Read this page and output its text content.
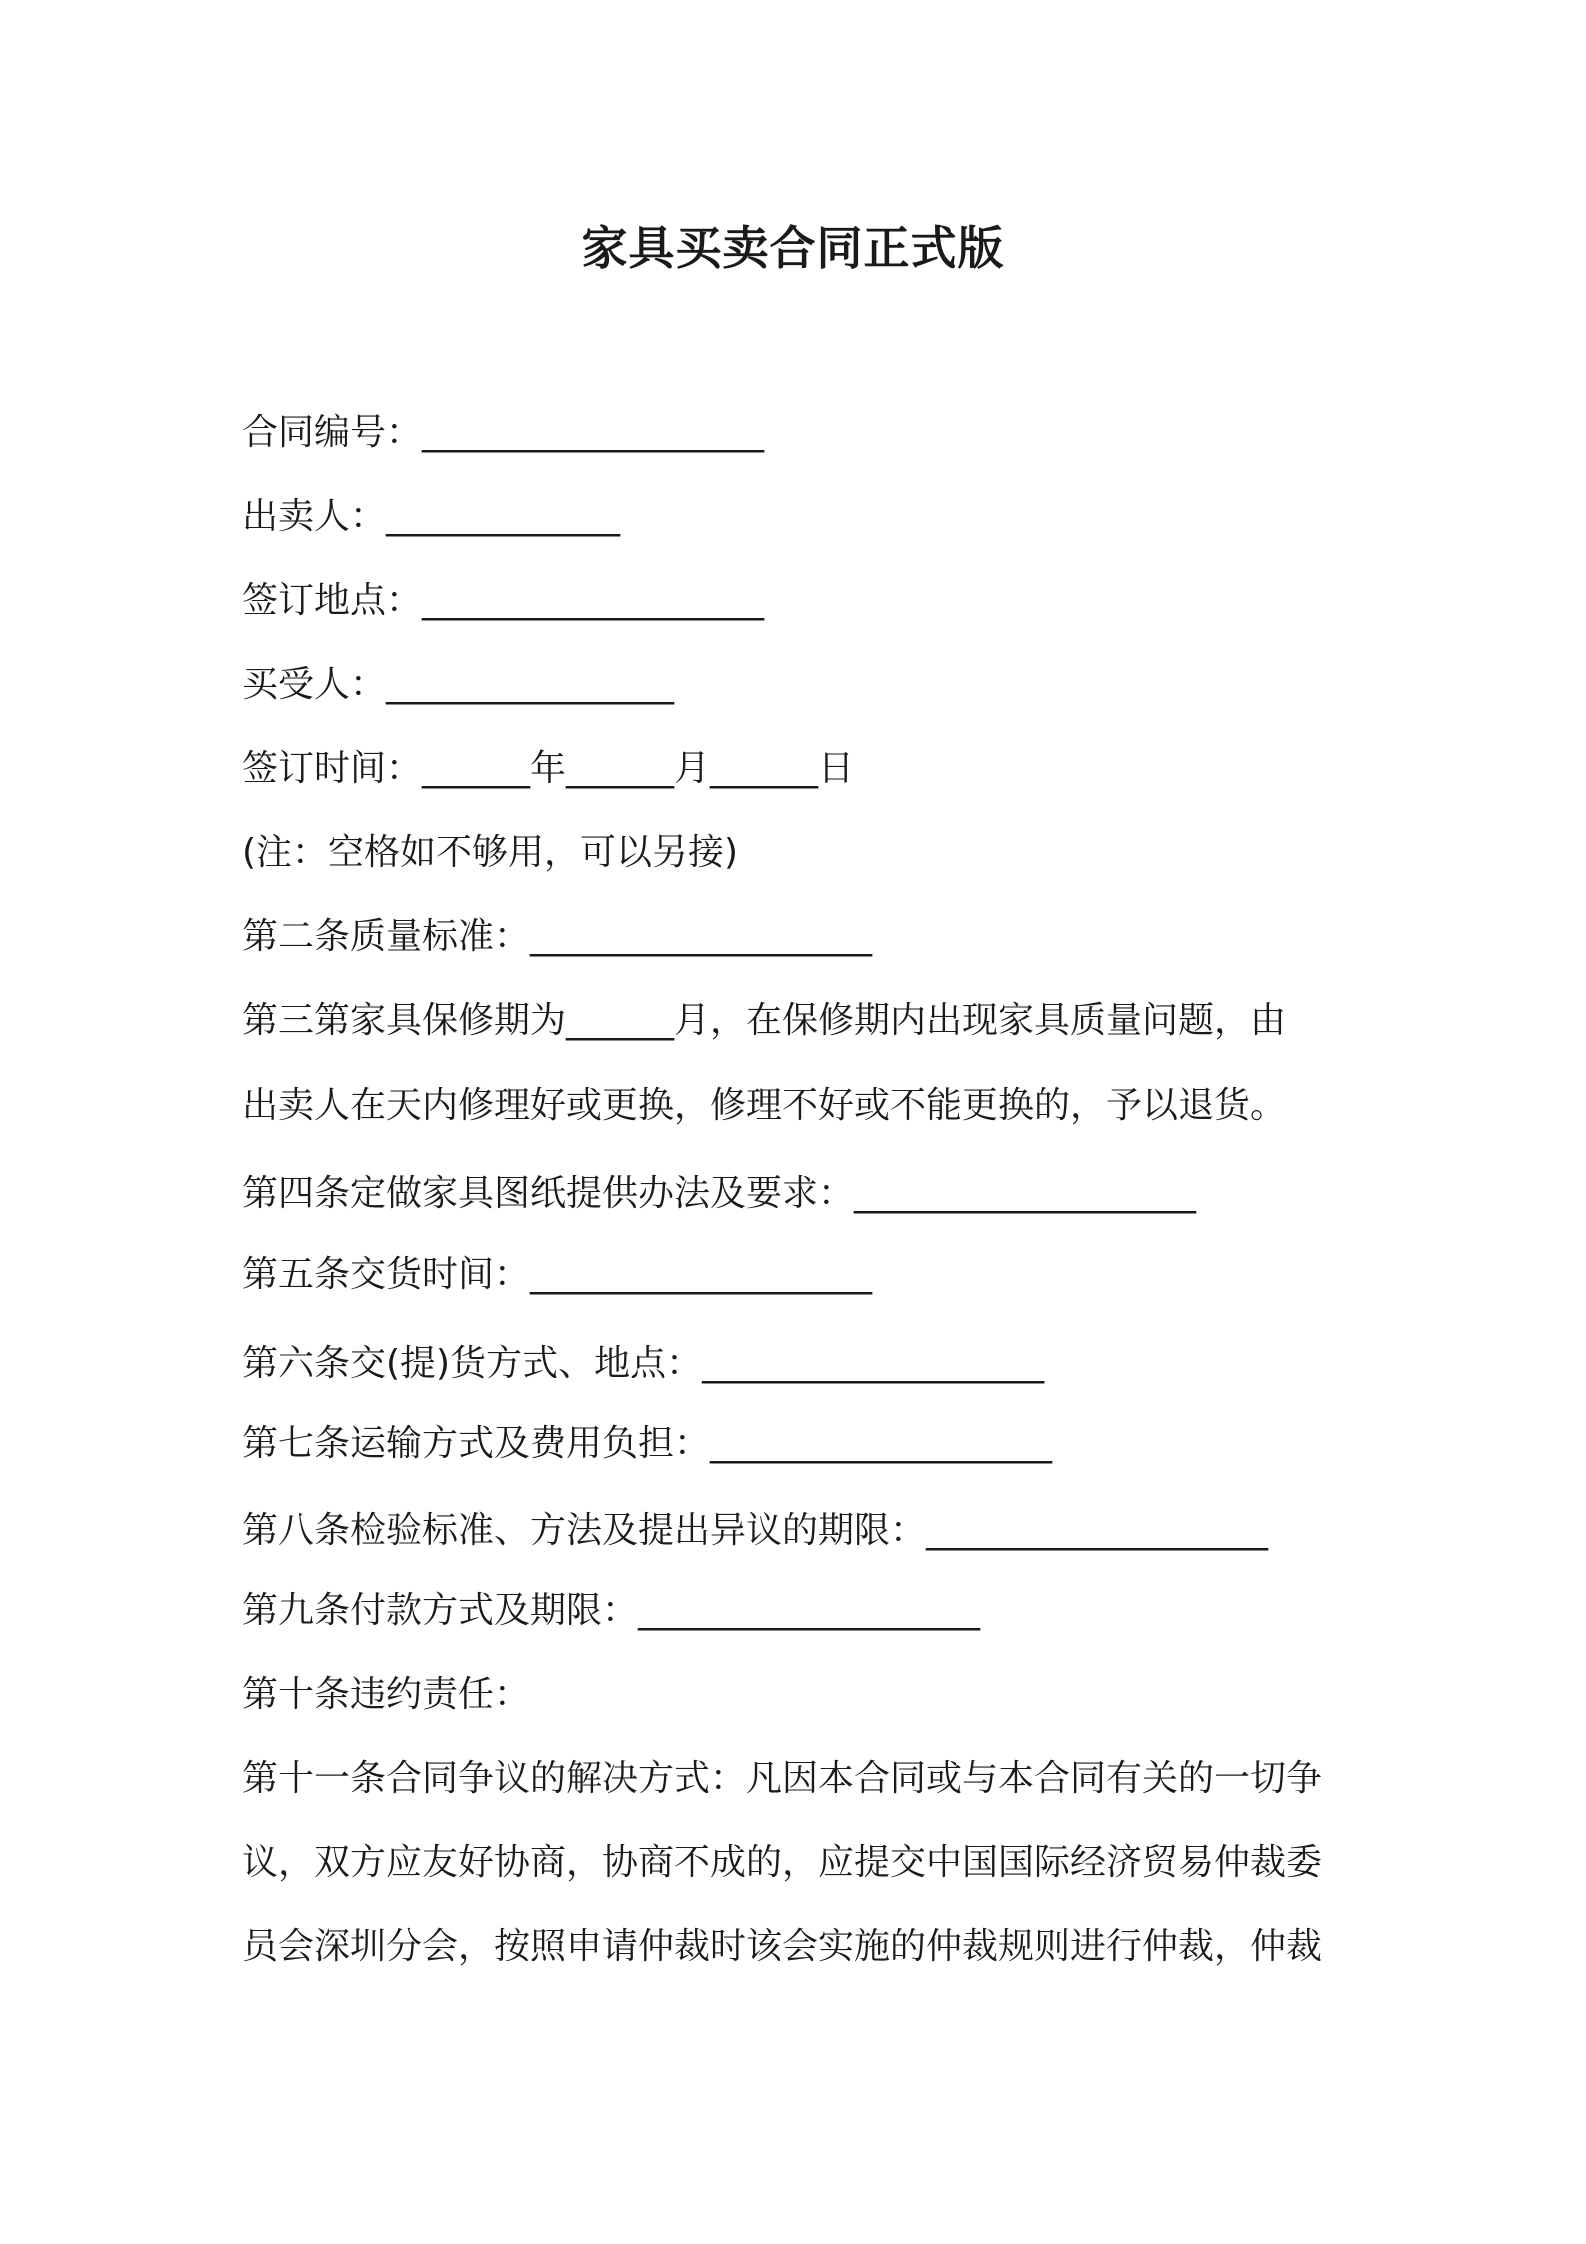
家具买卖合同正式版
合同编号：___________________
出卖人：_____________
签订地点：___________________
买受人：________________
签订时间：______年______月______日
(注：空格如不够用，可以另接)
第二条质量标准：___________________
第三第家具保修期为______月，在保修期内出现家具质量问题，由
出卖人在天内修理好或更换，修理不好或不能更换的，予以退货。
第四条定做家具图纸提供办法及要求：___________________
第五条交货时间：___________________
第六条交(提)货方式、地点：___________________
第七条运输方式及费用负担：___________________
第八条检验标准、方法及提出异议的期限：___________________
第九条付款方式及期限：___________________
第十条违约责任：
第十一条合同争议的解决方式：凡因本合同或与本合同有关的一切争
议，双方应友好协商，协商不成的，应提交中国国际经济贸易仲裁委
员会深圳分会，按照申请仲裁时该会实施的仲裁规则进行仲裁，仲裁
